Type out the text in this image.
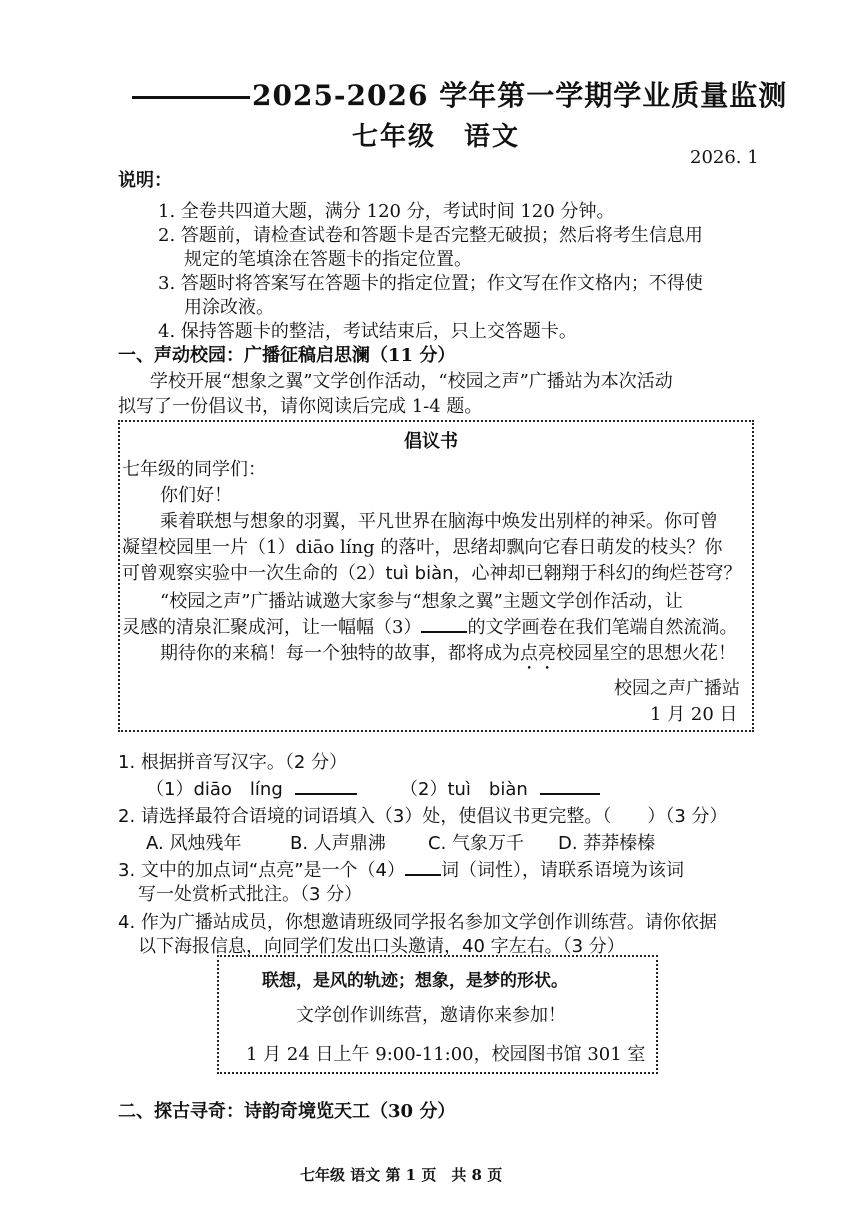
2025-2026 学年第一学期学业质量监测
七年级　语文
2026. 1
说明：
1. 全卷共四道大题，满分 120 分，考试时间 120 分钟。
2. 答题前，请检查试卷和答题卡是否完整无破损；然后将考生信息用
规定的笔填涂在答题卡的指定位置。
3. 答题时将答案写在答题卡的指定位置；作文写在作文格内；不得使
用涂改液。
4. 保持答题卡的整洁，考试结束后，只上交答题卡。
一、声动校园：广播征稿启思澜（11 分）
学校开展“想象之翼”文学创作活动，“校园之声”广播站为本次活动
拟写了一份倡议书，请你阅读后完成 1-4 题。
倡议书
七年级的同学们：
你们好！
乘着联想与想象的羽翼，平凡世界在脑海中焕发出别样的神采。你可曾
凝望校园里一片（1）diāo líng 的落叶，思绪却飘向它春日萌发的枝头？你
可曾观察实验中一次生命的（2）tuì biàn，心神却已翱翔于科幻的绚烂苍穹？
“校园之声”广播站诚邀大家参与“想象之翼”主题文学创作活动，让
灵感的清泉汇聚成河，让一幅幅（3）	的文学画卷在我们笔端自然流淌。
期待你的来稿！每一个独特的故事，都将成为点亮校园星空的思想火花！
校园之声广播站
1 月 20 日
1. 根据拼音写汉字。（2 分）
（1）diāo　líng	（2）tuì　biàn
2. 请选择最符合语境的词语填入（3）处，使倡议书更完整。（　　）（3 分）
A. 风烛残年	B. 人声鼎沸 C. 气象万千 D. 莽莽榛榛
3. 文中的加点词“点亮”是一个（4） 词（词性），请联系语境为该词
写一处赏析式批注。（3 分）
4. 作为广播站成员，你想邀请班级同学报名参加文学创作训练营。请你依据
以下海报信息，向同学们发出口头邀请，40 字左右。（3 分）
联想，是风的轨迹；想象，是梦的形状。
文学创作训练营，邀请你来参加！
1 月 24 日上午 9:00-11:00，校园图书馆 301 室
二、探古寻奇：诗韵奇境览天工（30 分）
七年级 语文 第 1 页　共 8 页
